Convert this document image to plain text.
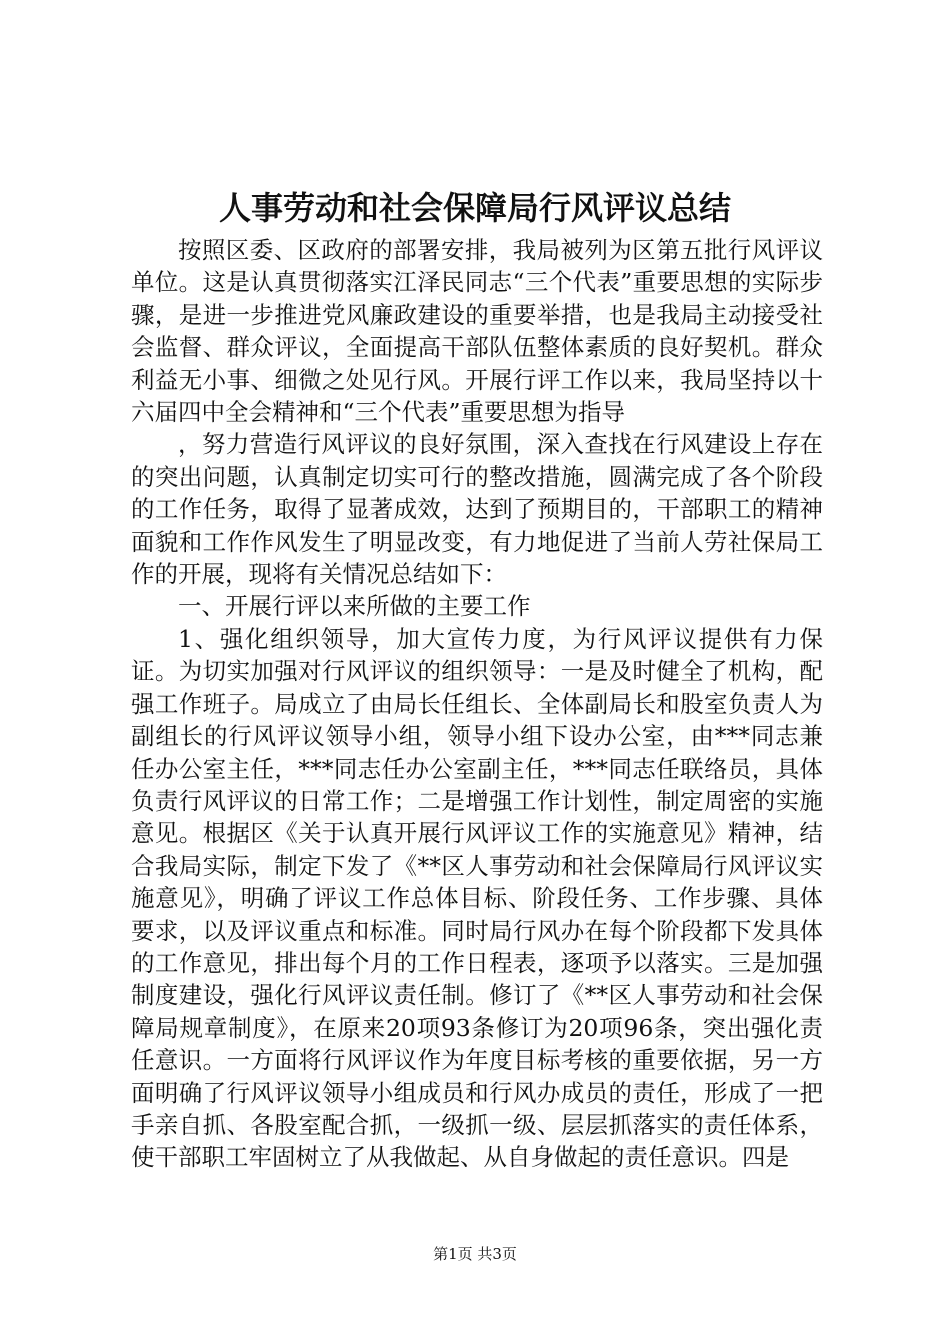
人事劳动和社会保障局行风评议总结

按照区委、区政府的部署安排，我局被列为区第五批行风评议单位。这是认真贯彻落实江泽民同志“三个代表”重要思想的实际步骤，是进一步推进党风廉政建设的重要举措，也是我局主动接受社会监督、群众评议，全面提高干部队伍整体素质的良好契机。群众利益无小事、细微之处见行风。开展行评工作以来，我局坚持以十六届四中全会精神和“三个代表”重要思想为指导

，努力营造行风评议的良好氛围，深入查找在行风建设上存在的突出问题，认真制定切实可行的整改措施，圆满完成了各个阶段的工作任务，取得了显著成效，达到了预期目的，干部职工的精神面貌和工作作风发生了明显改变，有力地促进了当前人劳社保局工作的开展，现将有关情况总结如下：

一、开展行评以来所做的主要工作

1、强化组织领导，加大宣传力度，为行风评议提供有力保证。为切实加强对行风评议的组织领导：一是及时健全了机构，配强工作班子。局成立了由局长任组长、全体副局长和股室负责人为副组长的行风评议领导小组，领导小组下设办公室，由***同志兼任办公室主任，***同志任办公室副主任，***同志任联络员，具体负责行风评议的日常工作；二是增强工作计划性，制定周密的实施意见。根据区《关于认真开展行风评议工作的实施意见》精神，结合我局实际，制定下发了《**区人事劳动和社会保障局行风评议实施意见》，明确了评议工作总体目标、阶段任务、工作步骤、具体要求，以及评议重点和标准。同时局行风办在每个阶段都下发具体的工作意见，排出每个月的工作日程表，逐项予以落实。三是加强制度建设，强化行风评议责任制。修订了《**区人事劳动和社会保障局规章制度》，在原来20项93条修订为20项96条，突出强化责任意识。一方面将行风评议作为年度目标考核的重要依据，另一方面明确了行风评议领导小组成员和行风办成员的责任，形成了一把手亲自抓、各股室配合抓，一级抓一级、层层抓落实的责任体系，使干部职工牢固树立了从我做起、从自身做起的责任意识。四是

第1页 共3页
